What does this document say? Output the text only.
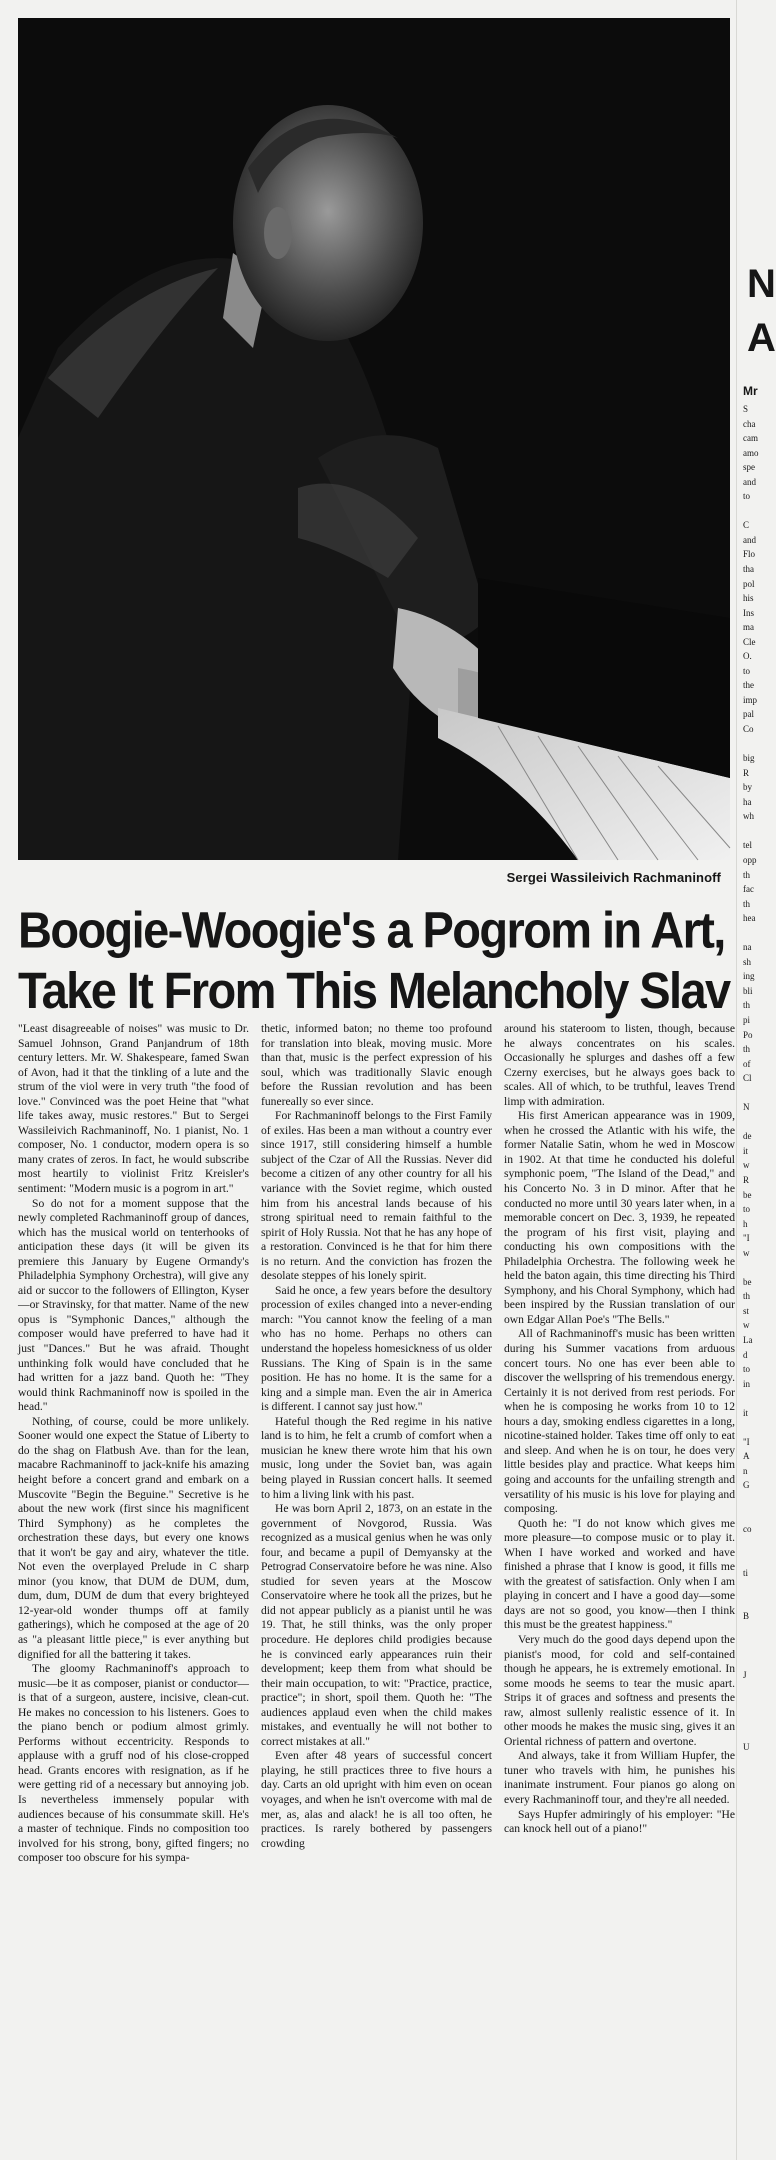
Sergei Wassileivich Rachmaninoff
Boogie-Woogie's a Pogrom in Art,
Take It From This Melancholy Slav

"Least disagreeable of noises" was music to Dr. Samuel Johnson, Grand Panjandrum of 18th century letters. Mr. W. Shakespeare, famed Swan of Avon, had it that the tinkling of a lute and the strum of the viol were in very truth "the food of love." Convinced was the poet Heine that "what life takes away, music restores." But to Sergei Wassileivich Rachmaninoff, No. 1 pianist, No. 1 composer, No. 1 conductor, modern opera is so many crates of zeros. In fact, he would subscribe most heartily to violinist Fritz Kreisler's sentiment: "Modern music is a pogrom in art."

So do not for a moment suppose that the newly completed Rachmaninoff group of dances, which has the musical world on tenterhooks of anticipation these days (it will be given its premiere this January by Eugene Ormandy's Philadelphia Symphony Orchestra), will give any aid or succor to the followers of Ellington, Kyser—or Stravinsky, for that matter. Name of the new opus is "Symphonic Dances," although the composer would have preferred to have had it just "Dances." But he was afraid. Thought unthinking folk would have concluded that he had written for a jazz band. Quoth he: "They would think Rachmaninoff now is spoiled in the head."

Nothing, of course, could be more unlikely. Sooner would one expect the Statue of Liberty to do the shag on Flatbush Ave. than for the lean, macabre Rachmaninoff to jack-knife his amazing height before a concert grand and embark on a Muscovite "Begin the Beguine." Secretive is he about the new work (first since his magnificent Third Symphony) as he completes the orchestration these days, but every one knows that it won't be gay and airy, whatever the title. Not even the overplayed Prelude in C sharp minor (you know, that DUM de DUM, dum, dum, dum, DUM de dum that every brighteyed 12-year-old wonder thumps off at family gatherings), which he composed at the age of 20 as "a pleasant little piece," is ever anything but dignified for all the battering it takes.

The gloomy Rachmaninoff's approach to music—be it as composer, pianist or conductor—is that of a surgeon, austere, incisive, clean-cut. He makes no concession to his listeners. Goes to the piano bench or podium almost grimly. Performs without eccentricity. Responds to applause with a gruff nod of his close-cropped head. Grants encores with resignation, as if he were getting rid of a necessary but annoying job. Is nevertheless immensely popular with audiences because of his consummate skill. He's a master of technique. Finds no composition too involved for his strong, bony, gifted fingers; no composer too obscure for his sympa-

thetic, informed baton; no theme too profound for translation into bleak, moving music. More than that, music is the perfect expression of his soul, which was traditionally Slavic enough before the Russian revolution and has been funereally so ever since.

For Rachmaninoff belongs to the First Family of exiles. Has been a man without a country ever since 1917, still considering himself a humble subject of the Czar of All the Russias. Never did become a citizen of any other country for all his variance with the Soviet regime, which ousted him from his ancestral lands because of his strong spiritual need to remain faithful to the spirit of Holy Russia. Not that he has any hope of a restoration. Convinced is he that for him there is no return. And the conviction has frozen the desolate steppes of his lonely spirit.

Said he once, a few years before the desultory procession of exiles changed into a never-ending march: "You cannot know the feeling of a man who has no home. Perhaps no others can understand the hopeless homesickness of us older Russians. The King of Spain is in the same position. He has no home. It is the same for a king and a simple man. Even the air in America is different. I cannot say just how."

Hateful though the Red regime in his native land is to him, he felt a crumb of comfort when a musician he knew there wrote him that his own music, long under the Soviet ban, was again being played in Russian concert halls. It seemed to him a living link with his past.

He was born April 2, 1873, on an estate in the government of Novgorod, Russia. Was recognized as a musical genius when he was only four, and became a pupil of Demyansky at the Petrograd Conservatoire before he was nine. Also studied for seven years at the Moscow Conservatoire where he took all the prizes, but he did not appear publicly as a pianist until he was 19. That, he still thinks, was the only proper procedure. He deplores child prodigies because he is convinced early appearances ruin their development; keep them from what should be their main occupation, to wit: "Practice, practice, practice"; in short, spoil them. Quoth he: "The audiences applaud even when the child makes mistakes, and eventually he will not bother to correct mistakes at all."

Even after 48 years of successful concert playing, he still practices three to five hours a day. Carts an old upright with him even on ocean voyages, and when he isn't overcome with mal de mer, as, alas and alack! he is all too often, he practices. Is rarely bothered by passengers crowding

around his stateroom to listen, though, because he always concentrates on his scales. Occasionally he splurges and dashes off a few Czerny exercises, but he always goes back to scales. All of which, to be truthful, leaves Trend limp with admiration.

His first American appearance was in 1909, when he crossed the Atlantic with his wife, the former Natalie Satin, whom he wed in Moscow in 1902. At that time he conducted his doleful symphonic poem, "The Island of the Dead," and his Concerto No. 3 in D minor. After that he conducted no more until 30 years later when, in a memorable concert on Dec. 3, 1939, he repeated the program of his first visit, playing and conducting his own compositions with the Philadelphia Orchestra. The following week he held the baton again, this time directing his Third Symphony, and his Choral Symphony, which had been inspired by the Russian translation of our own Edgar Allan Poe's "The Bells."

All of Rachmaninoff's music has been written during his Summer vacations from arduous concert tours. No one has ever been able to discover the wellspring of his tremendous energy. Certainly it is not derived from rest periods. For when he is composing he works from 10 to 12 hours a day, smoking endless cigarettes in a long, nicotine-stained holder. Takes time off only to eat and sleep. And when he is on tour, he does very little besides play and practice. What keeps him going and accounts for the unfailing strength and versatility of his music is his love for playing and composing.

Quoth he: "I do not know which gives me more pleasure—to compose music or to play it. When I have worked and worked and have finished a phrase that I know is good, it fills me with the greatest of satisfaction. Only when I am playing in concert and I have a good day—some days are not so good, you know—then I think this must be the greatest happiness."

Very much do the good days depend upon the pianist's mood, for cold and self-contained though he appears, he is extremely emotional. In some moods he seems to tear the music apart. Strips it of graces and softness and presents the raw, almost sullenly realistic essence of it. In other moods he makes the music sing, gives it an Oriental richness of pattern and overtone.

And always, take it from William Hupfer, the tuner who travels with him, he punishes his inanimate instrument. Four pianos go along on every Rachmaninoff tour, and they're all needed.

Says Hupfer admiringly of his employer: "He can knock hell out of a piano!"

N
A
Mr
S
cha
cam
amo
spe
and
to

C
and
Flo
tha
pol
his
Ins
ma
Cle
O.
to
the
imp
pal
Co

big
R
by
ha
wh

tel
opp
th
fac
th
hea

na
sh
ing
bli
th
pi
Po
th
of
Cl

N

de
it
w
R
be
to
h
"I
w

be
th
st
w
La
d
to
in

it

"I
A
n
G

co

ti

B

J

U
